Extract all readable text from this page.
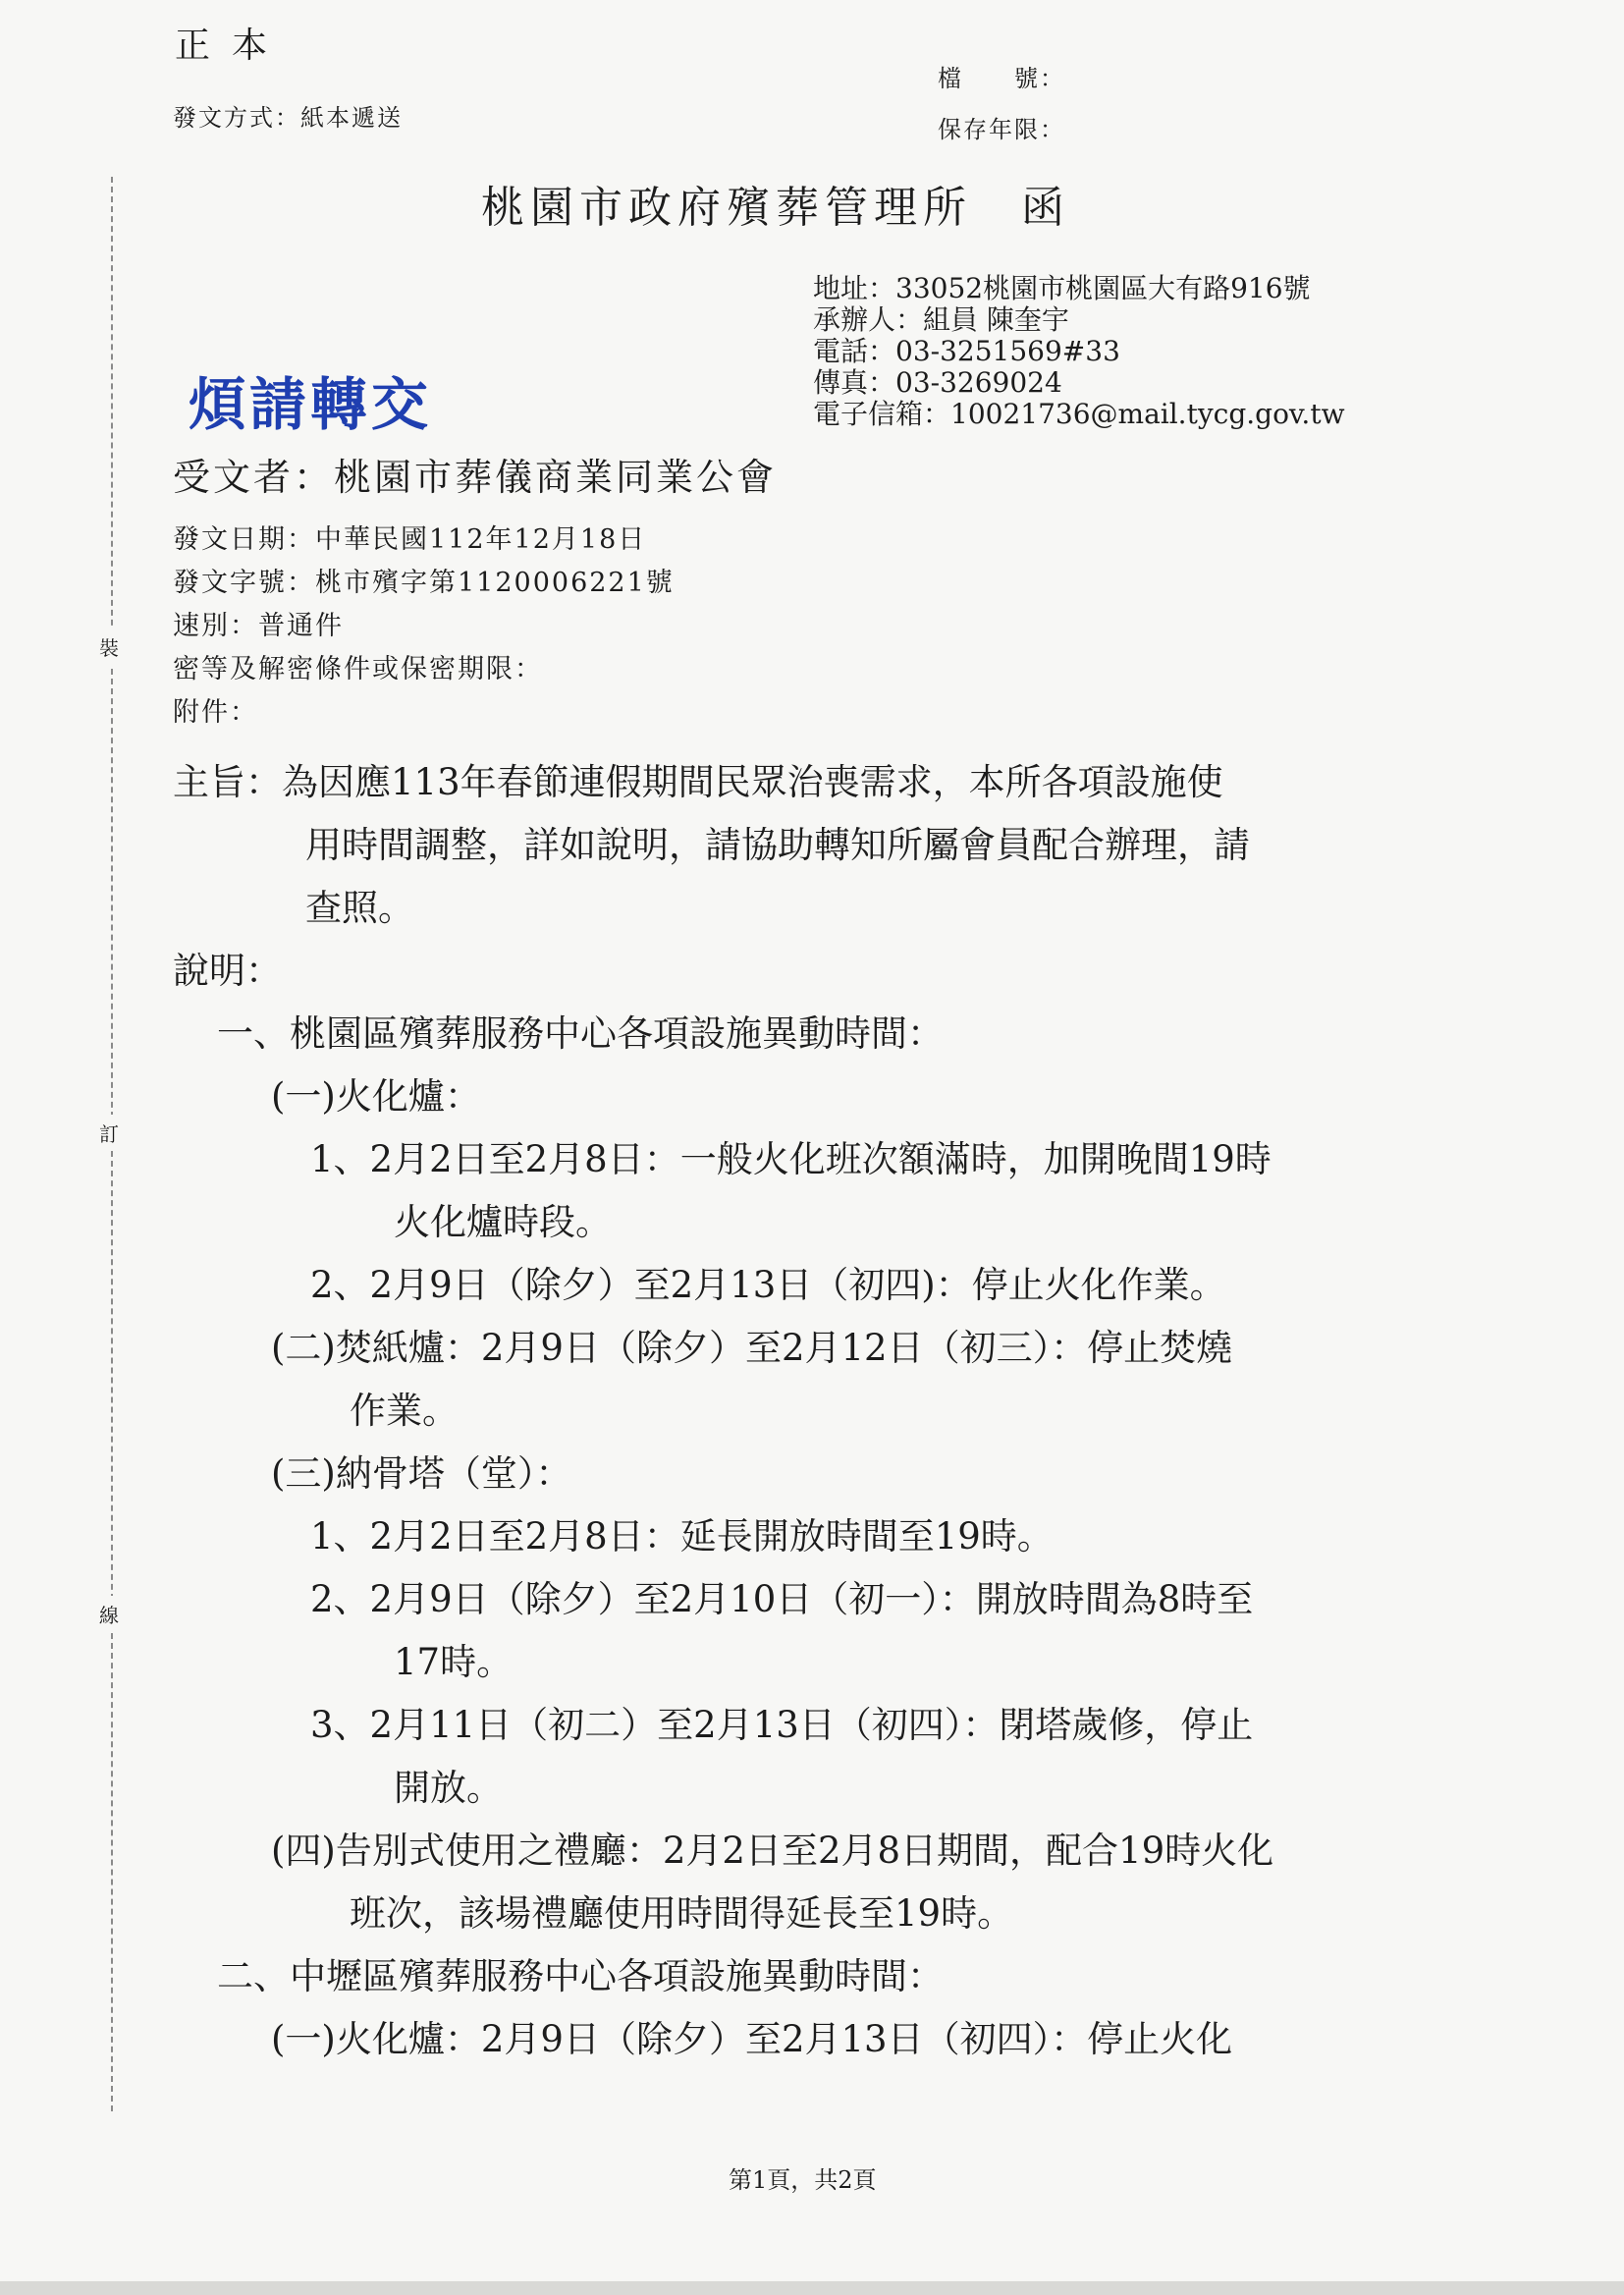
正本
發文方式：紙本遞送
檔　　號：
保存年限：
桃園市政府殯葬管理所　函
地址：33052桃園市桃園區大有路916號
承辦人：組員 陳奎宇
電話：03-3251569#33
傳真：03-3269024
電子信箱：10021736@mail.tycg.gov.tw
煩請轉交
受文者：桃園市葬儀商業同業公會
發文日期：中華民國112年12月18日
發文字號：桃市殯字第1120006221號
速別：普通件
密等及解密條件或保密期限：
附件：
裝
訂
線
主旨：為因應113年春節連假期間民眾治喪需求，本所各項設施使
用時間調整，詳如說明，請協助轉知所屬會員配合辦理，請
查照。
說明：
一、桃園區殯葬服務中心各項設施異動時間：
(一)火化爐：
1、2月2日至2月8日：一般火化班次額滿時，加開晚間19時
火化爐時段。
2、2月9日（除夕）至2月13日（初四)：停止火化作業。
(二)焚紙爐：2月9日（除夕）至2月12日（初三）：停止焚燒
作業。
(三)納骨塔（堂）：
1、2月2日至2月8日：延長開放時間至19時。
2、2月9日（除夕）至2月10日（初一）：開放時間為8時至
17時。
3、2月11日（初二）至2月13日（初四）：閉塔歲修，停止
開放。
(四)告別式使用之禮廳：2月2日至2月8日期間，配合19時火化
班次，該場禮廳使用時間得延長至19時。
二、中壢區殯葬服務中心各項設施異動時間：
(一)火化爐：2月9日（除夕）至2月13日（初四）：停止火化
第1頁，共2頁
